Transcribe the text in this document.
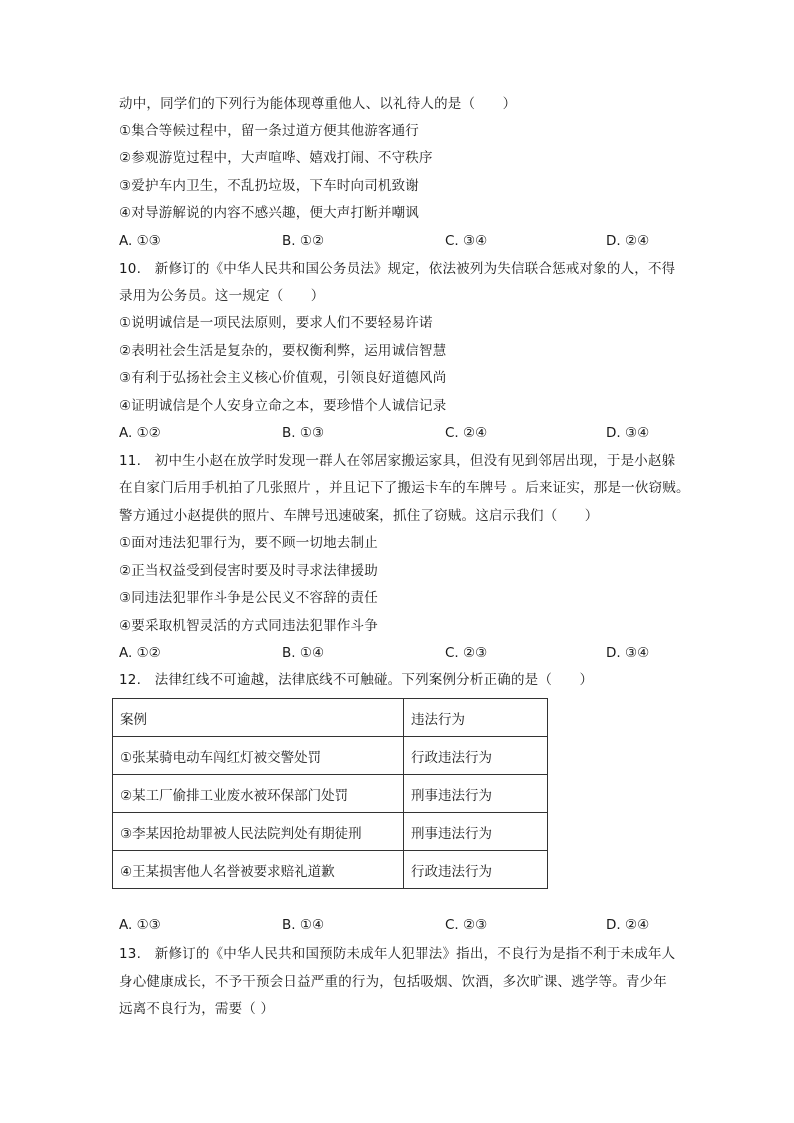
动中，同学们的下列行为能体现尊重他人、以礼待人的是（　　）
①集合等候过程中，留一条过道方便其他游客通行
②参观游览过程中，大声喧哗、嬉戏打闹、不守秩序
③爱护车内卫生，不乱扔垃圾，下车时向司机致谢
④对导游解说的内容不感兴趣，便大声打断并嘲讽
A. ①③	B. ①②	C. ③④	D. ②④
10.　新修订的《中华人民共和国公务员法》规定，依法被列为失信联合惩戒对象的人，不得
录用为公务员。这一规定（　　）
①说明诚信是一项民法原则，要求人们不要轻易许诺
②表明社会生活是复杂的，要权衡利弊，运用诚信智慧
③有利于弘扬社会主义核心价值观，引领良好道德风尚
④证明诚信是个人安身立命之本，要珍惜个人诚信记录
A. ①②	B. ①③	C. ②④	D. ③④
11.　初中生小赵在放学时发现一群人在邻居家搬运家具，但没有见到邻居出现，于是小赵躲
在自家门后用手机拍了几张照片 ，并且记下了搬运卡车的车牌号 。后来证实，那是一伙窃贼。
警方通过小赵提供的照片、车牌号迅速破案，抓住了窃贼。这启示我们（　　）
①面对违法犯罪行为，要不顾一切地去制止
②正当权益受到侵害时要及时寻求法律援助
③同违法犯罪作斗争是公民义不容辞的责任
④要采取机智灵活的方式同违法犯罪作斗争
A. ①②	B. ①④	C. ②③	D. ③④
12.　法律红线不可逾越，法律底线不可触碰。下列案例分析正确的是（　　）
案例	违法行为
①张某骑电动车闯红灯被交警处罚	行政违法行为
②某工厂偷排工业废水被环保部门处罚	刑事违法行为
③李某因抢劫罪被人民法院判处有期徒刑	刑事违法行为
④王某损害他人名誉被要求赔礼道歉	行政违法行为
A. ①③	B. ①④	C. ②③	D. ②④
13.　新修订的《中华人民共和国预防未成年人犯罪法》指出，不良行为是指不利于未成年人
身心健康成长，不予干预会日益严重的行为，包括吸烟、饮酒，多次旷课、逃学等。青少年
远离不良行为，需要（ ）
